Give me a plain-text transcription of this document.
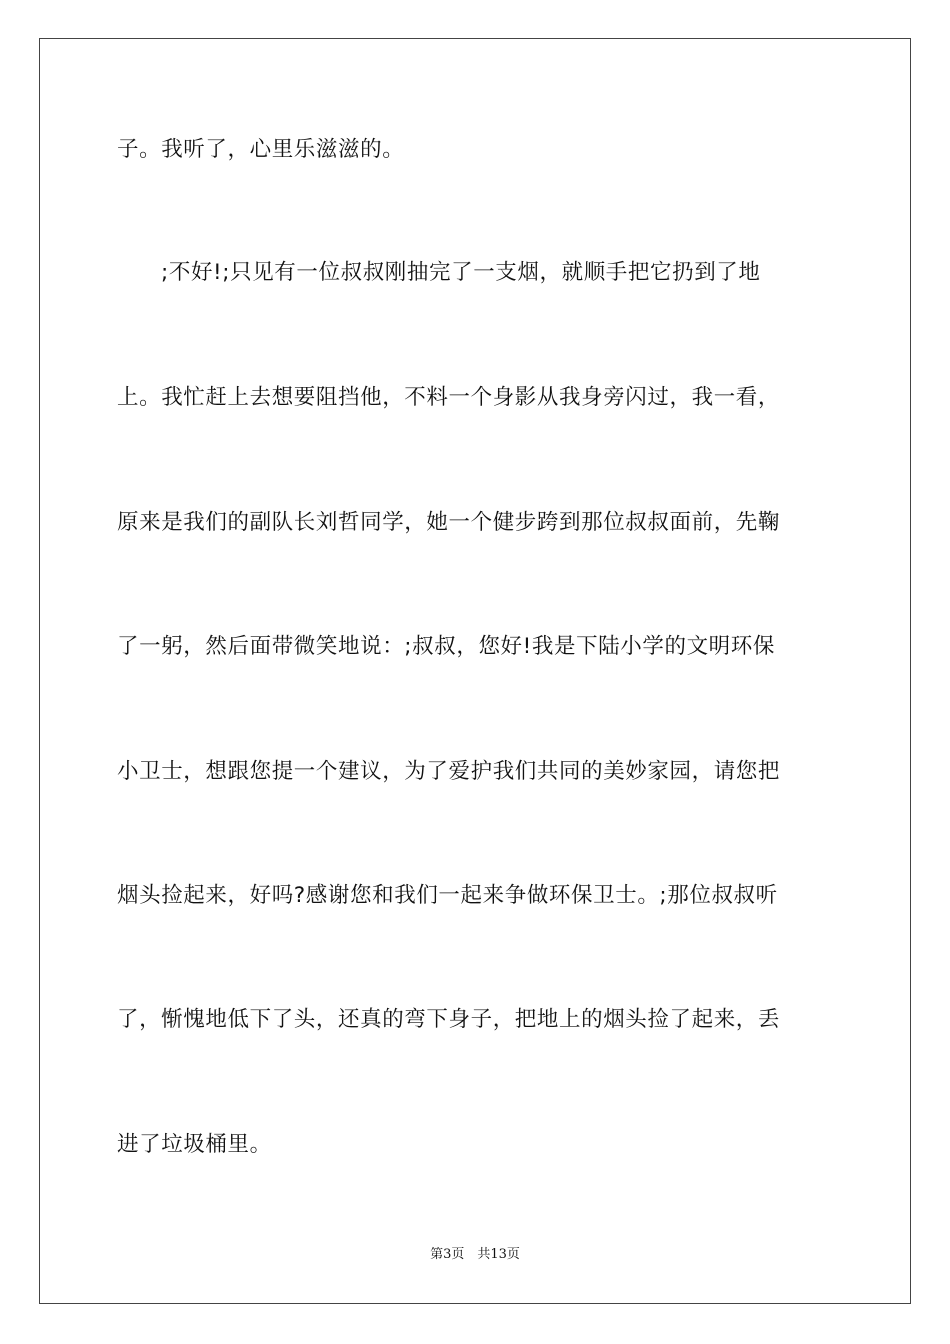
子。我听了，心里乐滋滋的。
;不好!;只见有一位叔叔刚抽完了一支烟，就顺手把它扔到了地
上。我忙赶上去想要阻挡他，不料一个身影从我身旁闪过，我一看，
原来是我们的副队长刘哲同学，她一个健步跨到那位叔叔面前，先鞠
了一躬，然后面带微笑地说：;叔叔，您好!我是下陆小学的文明环保
小卫士，想跟您提一个建议，为了爱护我们共同的美妙家园，请您把
烟头捡起来，好吗?感谢您和我们一起来争做环保卫士。;那位叔叔听
了，惭愧地低下了头，还真的弯下身子，把地上的烟头捡了起来，丢
进了垃圾桶里。
第3页　共13页
